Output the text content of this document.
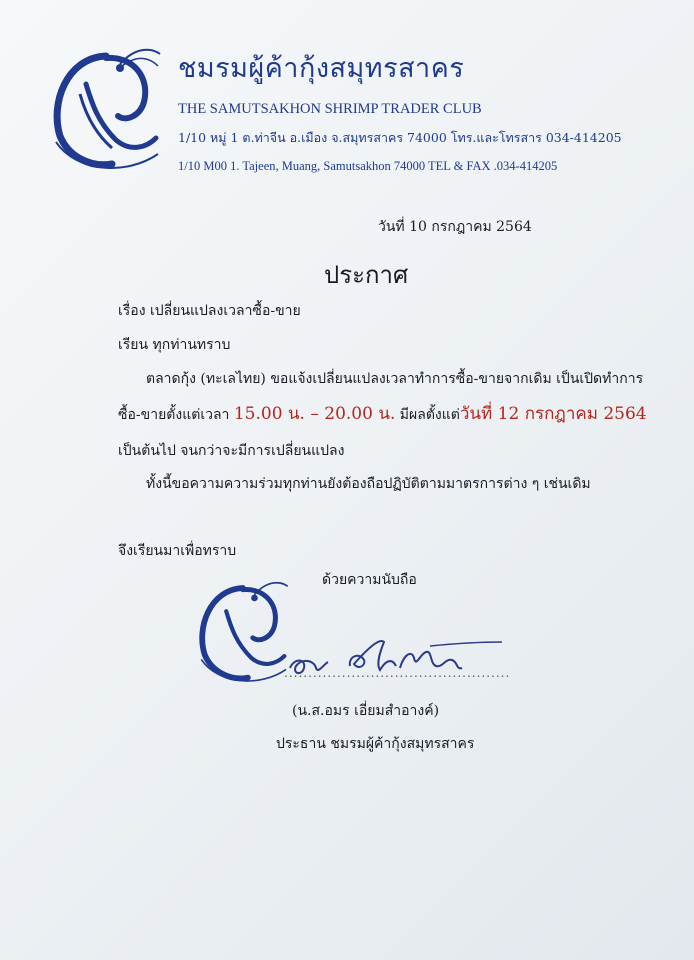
ชมรมผู้ค้ากุ้งสมุทรสาคร
THE SAMUTSAKHON SHRIMP TRADER CLUB
1/10 หมู่ 1 ต.ท่าจีน อ.เมือง จ.สมุทรสาคร 74000 โทร.และโทรสาร 034-414205
1/10 M00 1. Tajeen, Muang, Samutsakhon 74000 TEL & FAX .034-414205
วันที่ 10 กรกฎาคม 2564
ประกาศ
เรื่อง เปลี่ยนแปลงเวลาซื้อ-ขาย
เรียน ทุกท่านทราบ
ตลาดกุ้ง (ทะเลไทย) ขอแจ้งเปลี่ยนแปลงเวลาทำการซื้อ-ขายจากเดิม เป็นเปิดทำการ
ซื้อ-ขายตั้งแต่เวลา 15.00 น. – 20.00 น. มีผลตั้งแต่วันที่ 12 กรกฎาคม 2564
เป็นต้นไป จนกว่าจะมีการเปลี่ยนแปลง
ทั้งนี้ขอความความร่วมทุกท่านยังต้องถือปฏิบัติตามมาตรการต่าง ๆ เช่นเดิม
จึงเรียนมาเพื่อทราบ
ด้วยความนับถือ
...............................................
(น.ส.อมร เอี่ยมสำอางค์)
ประธาน ชมรมผู้ค้ากุ้งสมุทรสาคร
